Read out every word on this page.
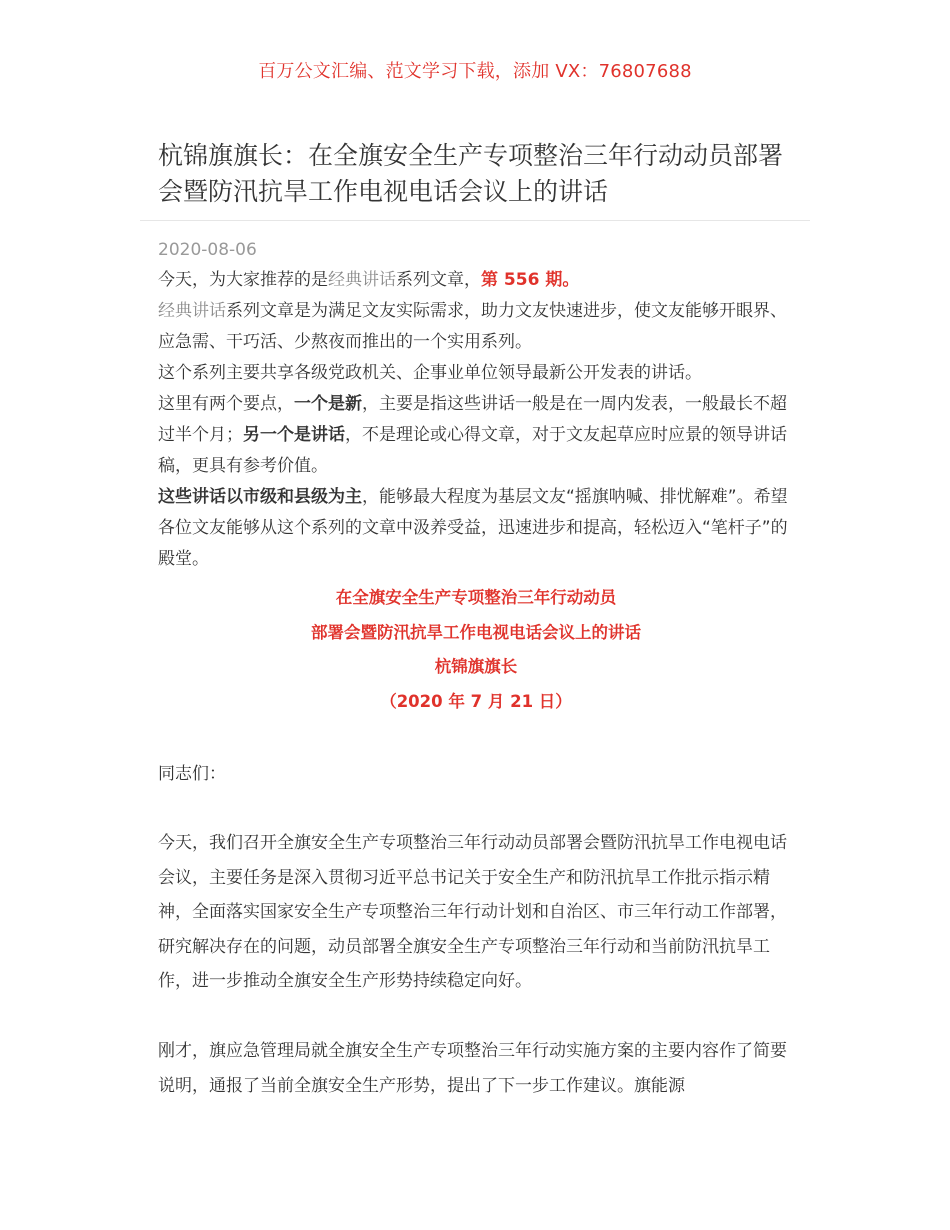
百万公文汇编、范文学习下载，添加 VX：76807688
杭锦旗旗长：在全旗安全生产专项整治三年行动动员部署会暨防汛抗旱工作电视电话会议上的讲话
2020-08-06

今天，为大家推荐的是经典讲话系列文章，第 556 期。

经典讲话系列文章是为满足文友实际需求，助力文友快速进步，使文友能够开眼界、应急需、干巧活、少熬夜而推出的一个实用系列。

这个系列主要共享各级党政机关、企事业单位领导最新公开发表的讲话。

这里有两个要点，一个是新，主要是指这些讲话一般是在一周内发表，一般最长不超过半个月；另一个是讲话，不是理论或心得文章，对于文友起草应时应景的领导讲话稿，更具有参考价值。

这些讲话以市级和县级为主，能够最大程度为基层文友“摇旗呐喊、排忧解难”。希望各位文友能够从这个系列的文章中汲养受益，迅速进步和提高，轻松迈入“笔杆子”的殿堂。

在全旗安全生产专项整治三年行动动员
部署会暨防汛抗旱工作电视电话会议上的讲话
杭锦旗旗长
（2020 年 7 月 21 日）

同志们：

今天，我们召开全旗安全生产专项整治三年行动动员部署会暨防汛抗旱工作电视电话会议，主要任务是深入贯彻习近平总书记关于安全生产和防汛抗旱工作批示指示精神，全面落实国家安全生产专项整治三年行动计划和自治区、市三年行动工作部署，研究解决存在的问题，动员部署全旗安全生产专项整治三年行动和当前防汛抗旱工作，进一步推动全旗安全生产形势持续稳定向好。

刚才，旗应急管理局就全旗安全生产专项整治三年行动实施方案的主要内容作了简要说明，通报了当前全旗安全生产形势，提出了下一步工作建议。旗能源
